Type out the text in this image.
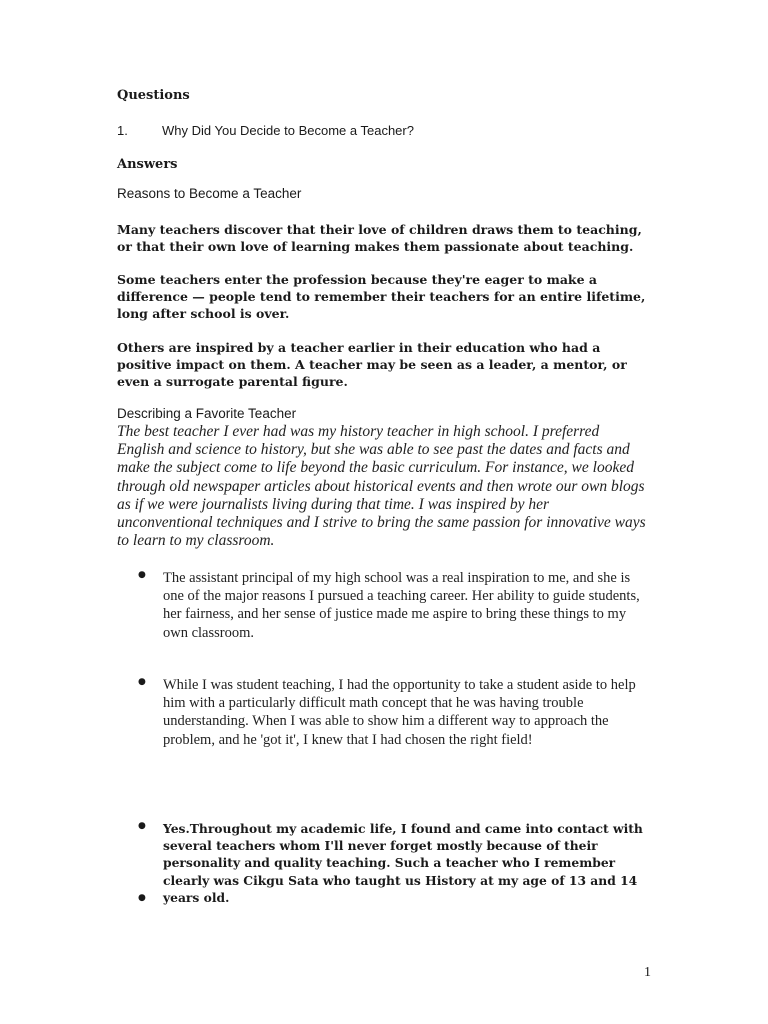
Questions
1.	Why Did You Decide to Become a Teacher?
Answers
Reasons to Become a Teacher

Many teachers discover that their love of children draws them to teaching, or that their own love of learning makes them passionate about teaching.

Some teachers enter the profession because they're eager to make a difference — people tend to remember their teachers for an entire lifetime, long after school is over.

Others are inspired by a teacher earlier in their education who had a positive impact on them. A teacher may be seen as a leader, a mentor, or even a surrogate parental figure.

Describing a Favorite Teacher

The best teacher I ever had was my history teacher in high school. I preferred English and science to history, but she was able to see past the dates and facts and make the subject come to life beyond the basic curriculum. For instance, we looked through old newspaper articles about historical events and then wrote our own blogs as if we were journalists living during that time. I was inspired by her unconventional techniques and I strive to bring the same passion for innovative ways to learn to my classroom.

● The assistant principal of my high school was a real inspiration to me, and she is one of the major reasons I pursued a teaching career. Her ability to guide students, her fairness, and her sense of justice made me aspire to bring these things to my own classroom.
● While I was student teaching, I had the opportunity to take a student aside to help him with a particularly difficult math concept that he was having trouble understanding. When I was able to show him a different way to approach the problem, and he 'got it', I knew that I had chosen the right field!
● Yes.Throughout my academic life, I found and came into contact with several teachers whom I'll never forget mostly because of their personality and quality teaching. Such a teacher who I remember clearly was Cikgu Sata who taught us History at my age of 13 and 14 years old.
●
1
